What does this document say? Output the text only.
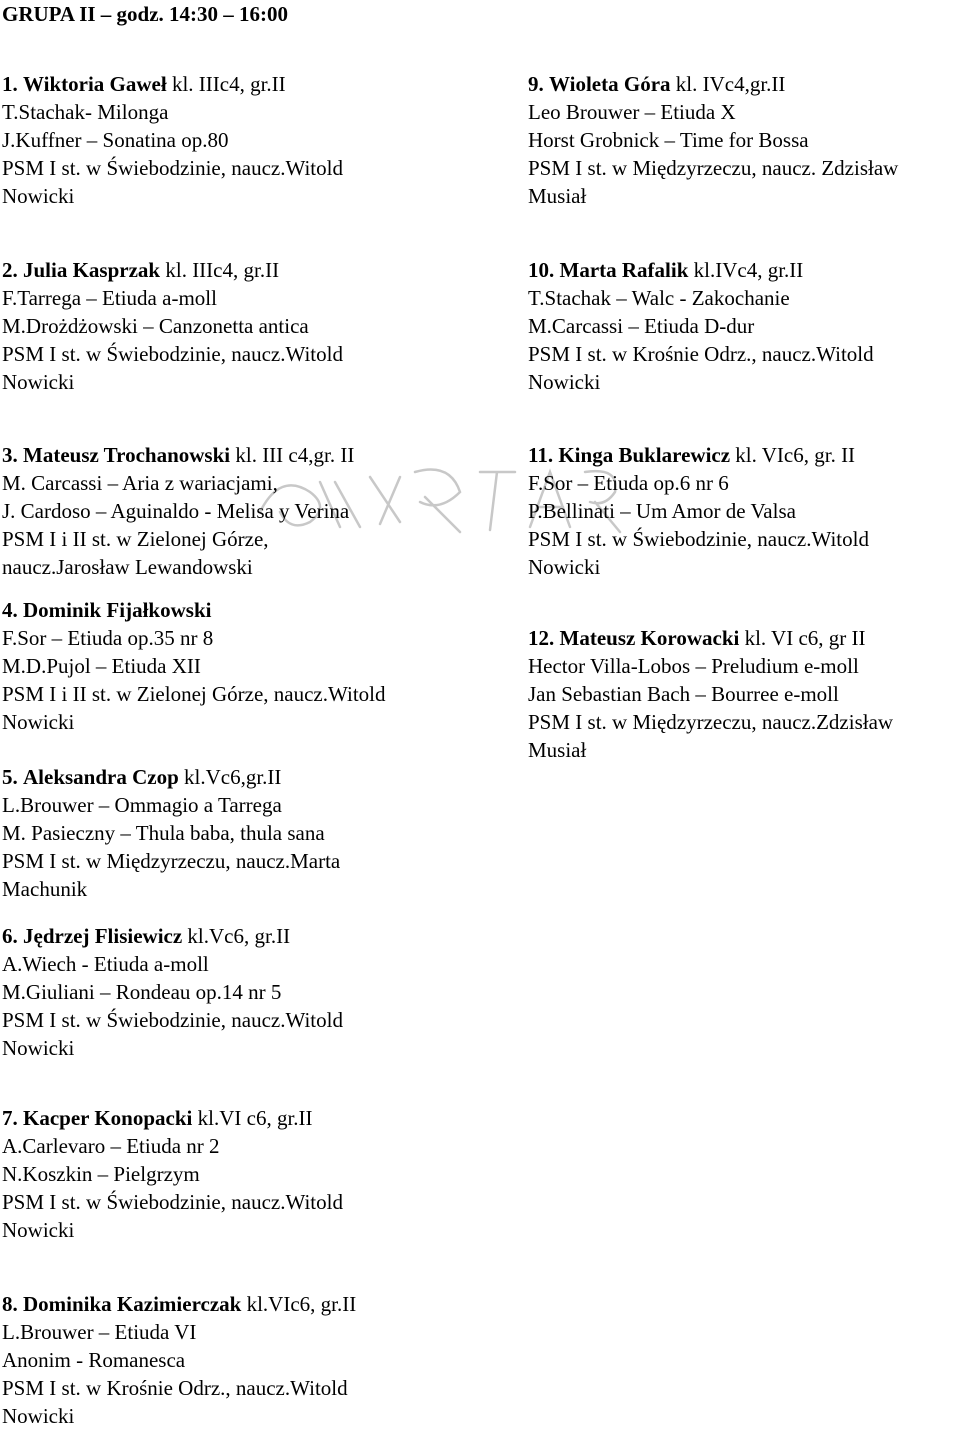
GRUPA II – godz. 14:30 – 16:00
1. Wiktoria Gaweł kl. IIIc4, gr.II
T.Stachak- Milonga
J.Kuffner – Sonatina op.80
PSM I st. w Świebodzinie, naucz.Witold
Nowicki
2. Julia Kasprzak kl. IIIc4, gr.II
F.Tarrega – Etiuda a-moll
M.Drożdżowski – Canzonetta antica
PSM I st. w Świebodzinie, naucz.Witold
Nowicki
3. Mateusz Trochanowski kl. III c4,gr. II
M. Carcassi – Aria z wariacjami,
J. Cardoso – Aguinaldo - Melisa y Verina
PSM I i II st. w Zielonej Górze,
naucz.Jarosław Lewandowski
4. Dominik Fijałkowski
F.Sor – Etiuda op.35 nr 8
M.D.Pujol – Etiuda XII
PSM I i II st. w Zielonej Górze, naucz.Witold
Nowicki
5. Aleksandra Czop kl.Vc6,gr.II
L.Brouwer – Ommagio a Tarrega
M. Pasieczny – Thula baba, thula sana
PSM I st. w Międzyrzeczu, naucz.Marta
Machunik
6. Jędrzej Flisiewicz kl.Vc6, gr.II
A.Wiech - Etiuda a-moll
M.Giuliani – Rondeau op.14 nr 5
PSM I st. w Świebodzinie, naucz.Witold
Nowicki
7. Kacper Konopacki kl.VI c6, gr.II
A.Carlevaro – Etiuda nr 2
N.Koszkin – Pielgrzym
PSM I st. w Świebodzinie, naucz.Witold
Nowicki
8. Dominika Kazimierczak kl.VIc6, gr.II
L.Brouwer – Etiuda VI
Anonim - Romanesca
PSM I st. w Krośnie Odrz., naucz.Witold
Nowicki
9. Wioleta Góra kl. IVc4,gr.II
Leo Brouwer – Etiuda X
Horst Grobnick – Time for Bossa
PSM I st. w Międzyrzeczu, naucz. Zdzisław
Musiał
10. Marta Rafalik kl.IVc4, gr.II
T.Stachak – Walc - Zakochanie
M.Carcassi – Etiuda D-dur
PSM I st. w Krośnie Odrz., naucz.Witold
Nowicki
11. Kinga Buklarewicz kl. VIc6, gr. II
F.Sor – Etiuda op.6 nr 6
P.Bellinati – Um Amor de Valsa
PSM I st. w Świebodzinie, naucz.Witold
Nowicki
12. Mateusz Korowacki kl. VI c6, gr II
Hector Villa-Lobos – Preludium e-moll
Jan Sebastian Bach – Bourree e-moll
PSM I st. w Międzyrzeczu, naucz.Zdzisław
Musiał
